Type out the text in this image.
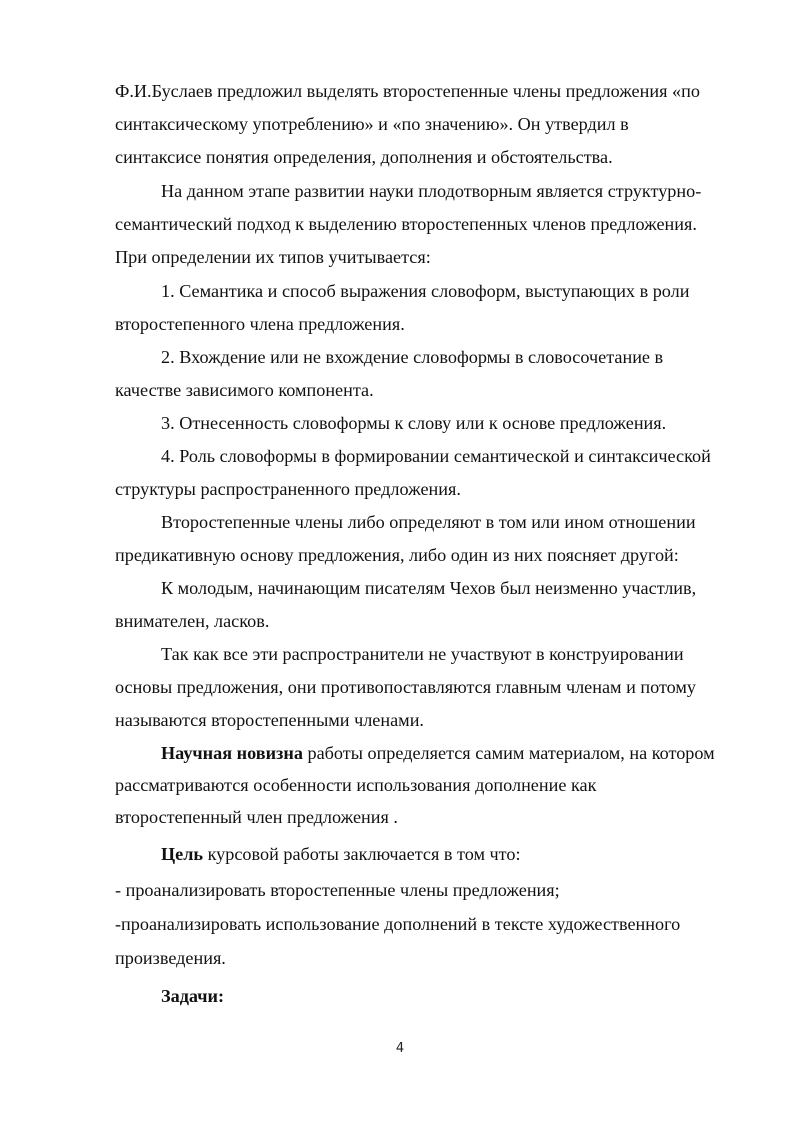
Ф.И.Буслаев предложил выделять второстепенные члены предложения «по
синтаксическому употреблению» и «по значению». Он утвердил в
синтаксисе понятия определения, дополнения и обстоятельства.
На данном этапе развитии науки плодотворным является структурно-
семантический подход к выделению второстепенных членов предложения.
При определении их типов учитывается:
1. Семантика и способ выражения словоформ, выступающих в роли
второстепенного члена предложения.
2. Вхождение или не вхождение словоформы в словосочетание в
качестве зависимого компонента.
3. Отнесенность словоформы к слову или к основе предложения.
4. Роль словоформы в формировании семантической и синтаксической
структуры распространенного предложения.
Второстепенные члены либо определяют в том или ином отношении
предикативную основу предложения, либо один из них поясняет другой:
К молодым, начинающим писателям Чехов был неизменно участлив,
внимателен, ласков.
Так как все эти распространители не участвуют в конструировании
основы предложения, они противопоставляются главным членам и потому
называются второстепенными членами.
Научная новизна работы определяется самим материалом, на котором
рассматриваются особенности использования дополнение как
второстепенный член предложения .
Цель курсовой работы заключается в том что:
- проанализировать второстепенные члены предложения;
-проанализировать использование дополнений в тексте художественного
произведения.
Задачи:
4
